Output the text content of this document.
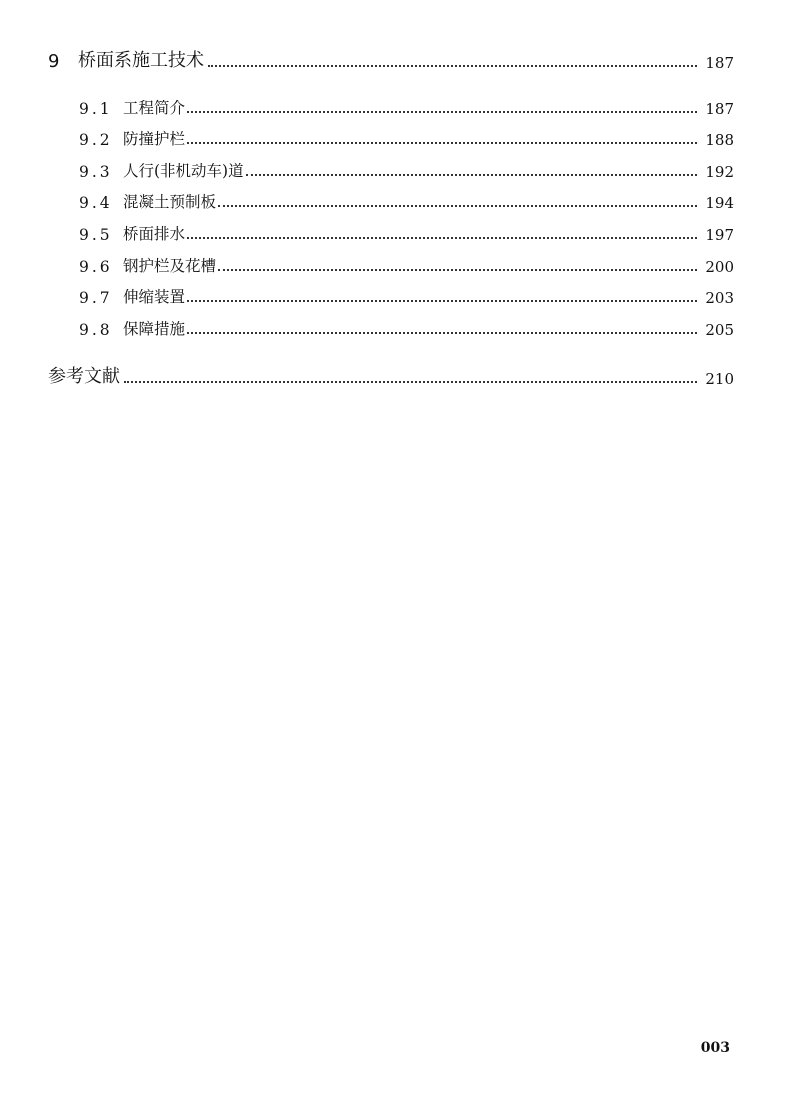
9	桥面系施工技术	187
9.1 工程简介	187
9.2 防撞护栏	188
9.3 人行(非机动车)道	192
9.4 混凝土预制板	194
9.5 桥面排水	197
9.6 钢护栏及花槽	200
9.7 伸缩装置	203
9.8 保障措施	205
参考文献	210
003
